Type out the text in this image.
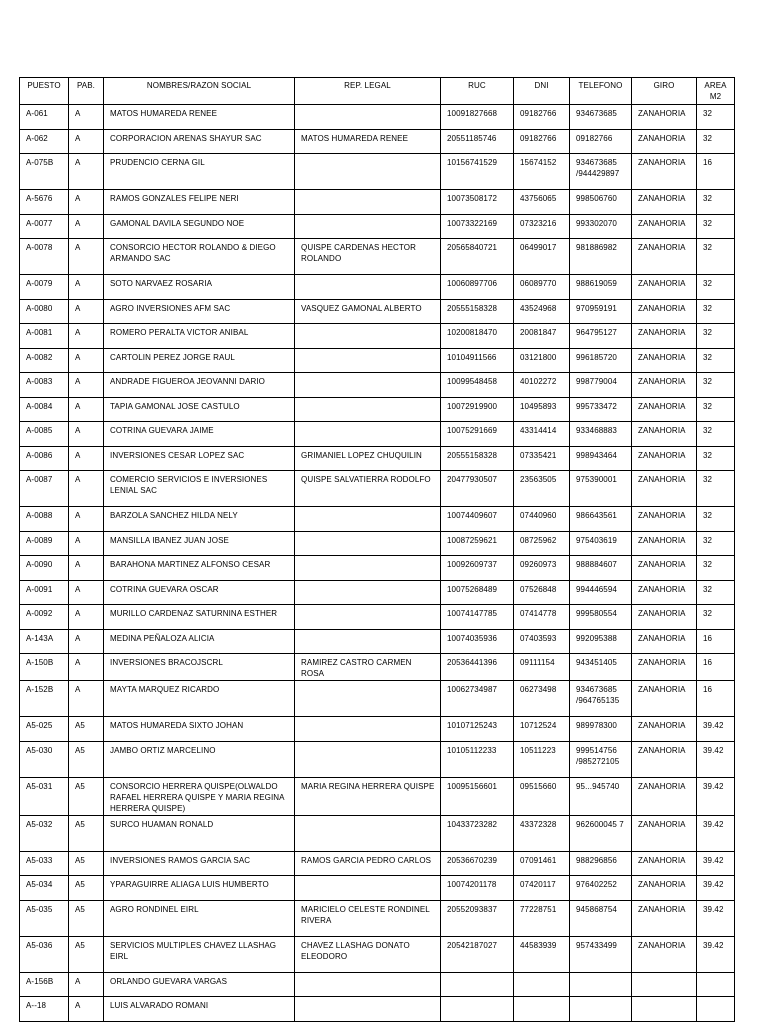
PUESTO	PAB.	NOMBRES/RAZON SOCIAL	REP. LEGAL	RUC	DNI	TELEFONO	GIRO	AREA M2
A-061	A	MATOS HUMAREDA RENEE		10091827668	09182766	934673685	ZANAHORIA	32
A-062	A	CORPORACION ARENAS SHAYUR SAC	MATOS HUMAREDA RENEE	20551185746	09182766	09182766	ZANAHORIA	32
A-075B	A	PRUDENCIO CERNA GIL		10156741529	15674152	934673685 /944429897	ZANAHORIA	16
A-5676	A	RAMOS GONZALES FELIPE NERI		10073508172	43756065	998506760	ZANAHORIA	32
A-0077	A	GAMONAL DAVILA SEGUNDO NOE		10073322169	07323216	993302070	ZANAHORIA	32
A-0078	A	CONSORCIO HECTOR ROLANDO & DIEGO ARMANDO SAC	QUISPE CARDENAS HECTOR ROLANDO	20565840721	06499017	981886982	ZANAHORIA	32
A-0079	A	SOTO NARVAEZ ROSARIA		10060897706	06089770	988619059	ZANAHORIA	32
A-0080	A	AGRO INVERSIONES AFM SAC	VASQUEZ GAMONAL ALBERTO	20555158328	43524968	970959191	ZANAHORIA	32
A-0081	A	ROMERO PERALTA VICTOR ANIBAL		10200818470	20081847	964795127	ZANAHORIA	32
A-0082	A	CARTOLIN PEREZ JORGE RAUL		10104911566	03121800	996185720	ZANAHORIA	32
A-0083	A	ANDRADE FIGUEROA JEOVANNI DARIO		10099548458	40102272	998779004	ZANAHORIA	32
A-0084	A	TAPIA GAMONAL JOSE CASTULO		10072919900	10495893	995733472	ZANAHORIA	32
A-0085	A	COTRINA GUEVARA JAIME		10075291669	43314414	933468883	ZANAHORIA	32
A-0086	A	INVERSIONES CESAR LOPEZ SAC	GRIMANIEL LOPEZ CHUQUILIN	20555158328	07335421	998943464	ZANAHORIA	32
A-0087	A	COMERCIO SERVICIOS E INVERSIONES LENIAL SAC	QUISPE SALVATIERRA RODOLFO	20477930507	23563505	975390001	ZANAHORIA	32
A-0088	A	BARZOLA SANCHEZ HILDA NELY		10074409607	07440960	986643561	ZANAHORIA	32
A-0089	A	MANSILLA IBANEZ JUAN JOSE		10087259621	08725962	975403619	ZANAHORIA	32
A-0090	A	BARAHONA MARTINEZ ALFONSO CESAR		10092609737	09260973	988884607	ZANAHORIA	32
A-0091	A	COTRINA GUEVARA OSCAR		10075268489	07526848	994446594	ZANAHORIA	32
A-0092	A	MURILLO CARDENAZ SATURNINA ESTHER		10074147785	07414778	999580554	ZANAHORIA	32
A-143A	A	MEDINA PEÑALOZA ALICIA		10074035936	07403593	992095388	ZANAHORIA	16
A-150B	A	INVERSIONES BRACOJSCRL	RAMIREZ CASTRO CARMEN ROSA	20536441396	09111154	943451405	ZANAHORIA	16
A-152B	A	MAYTA MARQUEZ RICARDO		10062734987	06273498	934673685 /964765135	ZANAHORIA	16
A5-025	A5	MATOS HUMAREDA SIXTO JOHAN		10107125243	10712524	989978300	ZANAHORIA	39.42
A5-030	A5	JAMBO ORTIZ MARCELINO		10105112233	10511223	999514756 /985272105	ZANAHORIA	39.42
A5-031	A5	CONSORCIO HERRERA QUISPE(OLWALDO RAFAEL HERRERA QUISPE Y MARIA REGINA HERRERA QUISPE)	MARIA REGINA HERRERA QUISPE	10095156601	09515660	95...945740	ZANAHORIA	39.42
A5-032	A5	SURCO HUAMAN RONALD		10433723282	43372328	962600045 7	ZANAHORIA	39.42
A5-033	A5	INVERSIONES RAMOS GARCIA SAC	RAMOS GARCIA PEDRO CARLOS	20536670239	07091461	988296856	ZANAHORIA	39.42
A5-034	A5	YPARAGUIRRE ALIAGA LUIS HUMBERTO		10074201178	07420117	976402252	ZANAHORIA	39.42
A5-035	A5	AGRO RONDINEL EIRL	MARICIELO CELESTE RONDINEL RIVERA	20552093837	77228751	945868754	ZANAHORIA	39.42
A5-036	A5	SERVICIOS MULTIPLES CHAVEZ LLASHAG EIRL	CHAVEZ LLASHAG DONATO ELEODORO	20542187027	44583939	957433499	ZANAHORIA	39.42
A-156B	A	ORLANDO GUEVARA VARGAS						
A--18	A	LUIS ALVARADO ROMANI						
